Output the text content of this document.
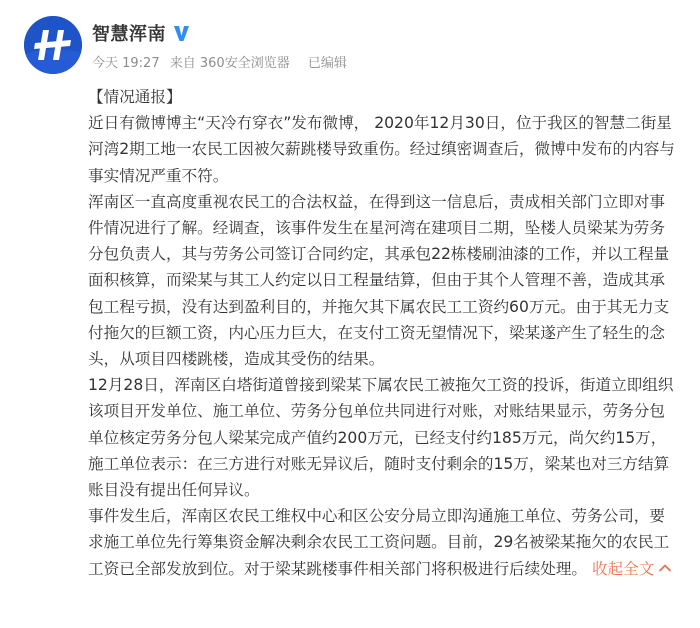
智慧浑南
今天 19:27 来自 360安全浏览器 已编辑

【情况通报】

近日有微博博主“天冷冇穿衣”发布微博， 2020年12月30日，位于我区的智慧二街星河湾2期工地一农民工因被欠薪跳楼导致重伤。经过缜密调查后，微博中发布的内容与事实情况严重不符。

浑南区一直高度重视农民工的合法权益，在得到这一信息后，责成相关部门立即对事件情况进行了解。经调查，该事件发生在星河湾在建项目二期，坠楼人员梁某为劳务分包负责人，其与劳务公司签订合同约定，其承包22栋楼刷油漆的工作，并以工程量面积核算，而梁某与其工人约定以日工程量结算，但由于其个人管理不善，造成其承包工程亏损，没有达到盈利目的，并拖欠其下属农民工工资约60万元。由于其无力支付拖欠的巨额工资，内心压力巨大，在支付工资无望情况下，梁某遂产生了轻生的念头，从项目四楼跳楼，造成其受伤的结果。

12月28日，浑南区白塔街道曾接到梁某下属农民工被拖欠工资的投诉，街道立即组织该项目开发单位、施工单位、劳务分包单位共同进行对账，对账结果显示，劳务分包单位核定劳务分包人梁某完成产值约200万元，已经支付约185万元，尚欠约15万，施工单位表示：在三方进行对账无异议后，随时支付剩余的15万，梁某也对三方结算账目没有提出任何异议。

事件发生后，浑南区农民工维权中心和区公安分局立即沟通施工单位、劳务公司，要求施工单位先行筹集资金解决剩余农民工工资问题。目前，29名被梁某拖欠的农民工工资已全部发放到位。对于梁某跳楼事件相关部门将积极进行后续处理。 收起全文
